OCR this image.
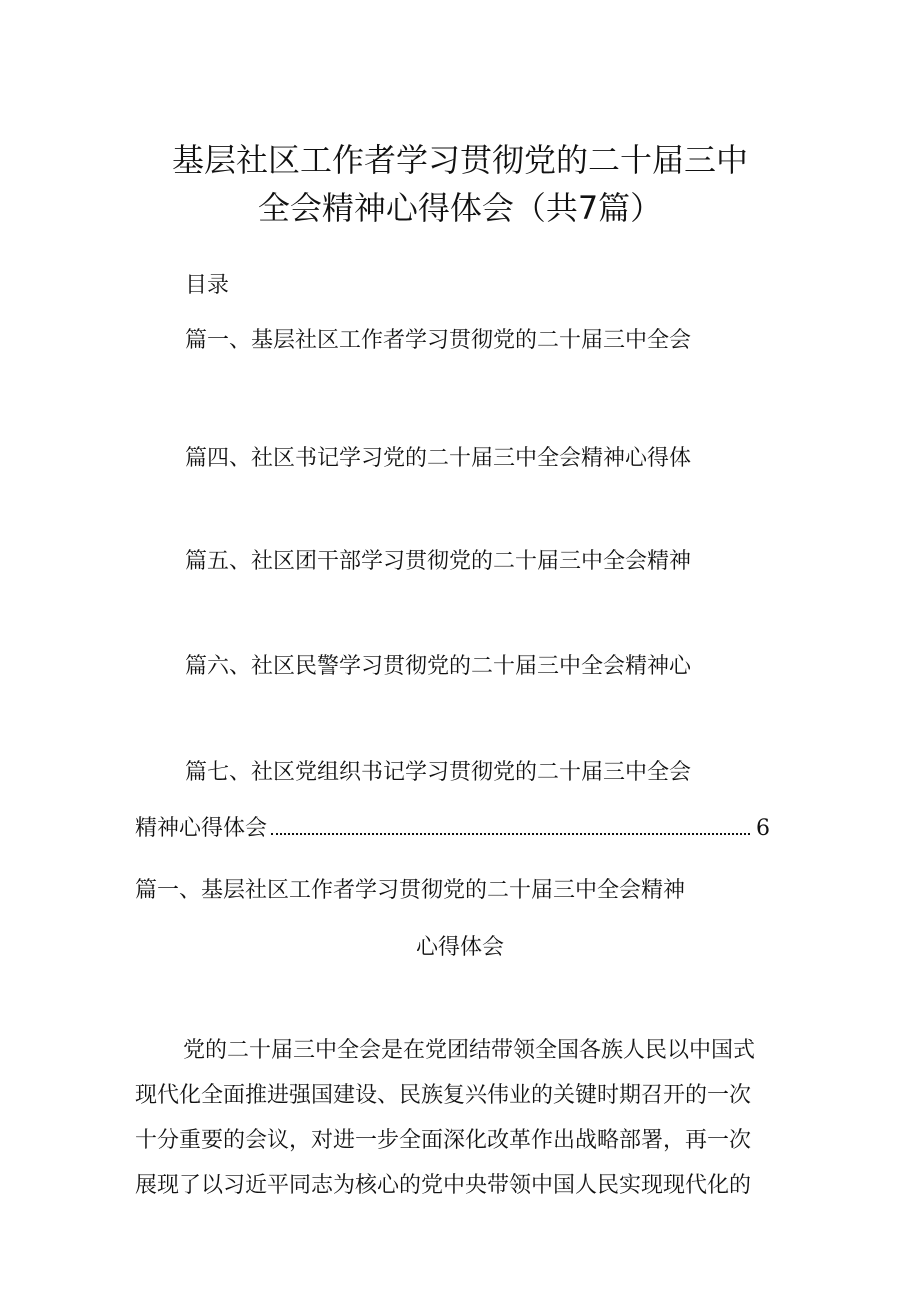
基层社区工作者学习贯彻党的二十届三中
全会精神心得体会（共7篇）

目录

篇一、基层社区工作者学习贯彻党的二十届三中全会

篇四、社区书记学习党的二十届三中全会精神心得体

篇五、社区团干部学习贯彻党的二十届三中全会精神

篇六、社区民警学习贯彻党的二十届三中全会精神心

篇七、社区党组织书记学习贯彻党的二十届三中全会

精神心得体会	6

篇一、基层社区工作者学习贯彻党的二十届三中全会精神

心得体会

党的二十届三中全会是在党团结带领全国各族人民以中国式
现代化全面推进强国建设、民族复兴伟业的关键时期召开的一次
十分重要的会议，对进一步全面深化改革作出战略部署，再一次
展现了以习近平同志为核心的党中央带领中国人民实现现代化的
